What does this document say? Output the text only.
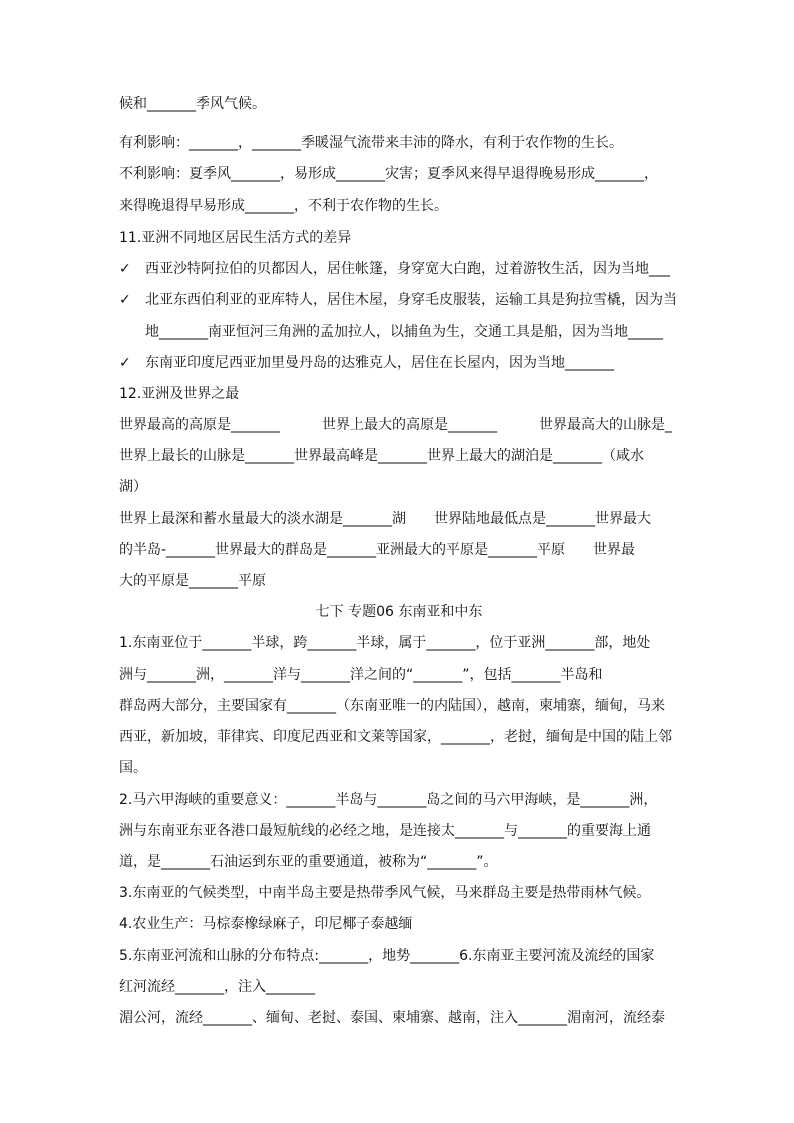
候和_______季风气候。
有利影响：_______，_______季暖湿气流带来丰沛的降水，有利于农作物的生长。
不利影响：夏季风_______，易形成_______灾害；夏季风来得早退得晚易形成_______，
来得晚退得早易形成_______，不利于农作物的生长。
11.亚洲不同地区居民生活方式的差异
✓ 西亚沙特阿拉伯的贝都因人，居住帐篷，身穿宽大白跑，过着游牧生活，因为当地___
✓ 北亚东西伯利亚的亚库特人，居住木屋，身穿毛皮服装，运输工具是狗拉雪橇，因为当
地_______南亚恒河三角洲的孟加拉人，以捕鱼为生，交通工具是船，因为当地_____
✓ 东南亚印度尼西亚加里曼丹岛的达雅克人，居住在长屋内，因为当地_______
12.亚洲及世界之最
世界最高的高原是_______　　　世界上最大的高原是_______　　　世界最高大的山脉是_
世界上最长的山脉是_______世界最高峰是_______世界上最大的湖泊是_______（咸水
湖）
世界上最深和蓄水量最大的淡水湖是_______湖　　世界陆地最低点是_______世界最大
的半岛-_______世界最大的群岛是_______亚洲最大的平原是_______平原　　世界最
大的平原是_______平原
七下 专题06 东南亚和中东
1.东南亚位于_______半球，跨_______半球，属于_______，位于亚洲_______部，地处
洲与_______洲，_______洋与_______洋之间的“_______”，包括_______半岛和
群岛两大部分，主要国家有_______（东南亚唯一的内陆国），越南，柬埔寨，缅甸，马来
西亚，新加坡，菲律宾、印度尼西亚和文莱等国家，_______，老挝，缅甸是中国的陆上邻
国。
2.马六甲海峡的重要意义：_______半岛与_______岛之间的马六甲海峡，是_______洲，
洲与东南亚东亚各港口最短航线的必经之地，是连接太_______与_______的重要海上通
道，是_______石油运到东亚的重要通道，被称为“_______”。
3.东南亚的气候类型，中南半岛主要是热带季风气候，马来群岛主要是热带雨林气候。
4.农业生产：马棕泰橡绿麻子，印尼椰子泰越缅
5.东南亚河流和山脉的分布特点:_______，地势_______6.东南亚主要河流及流经的国家
红河流经_______，注入_______
湄公河，流经_______、缅甸、老挝、泰国、柬埔寨、越南，注入_______湄南河，流经泰
